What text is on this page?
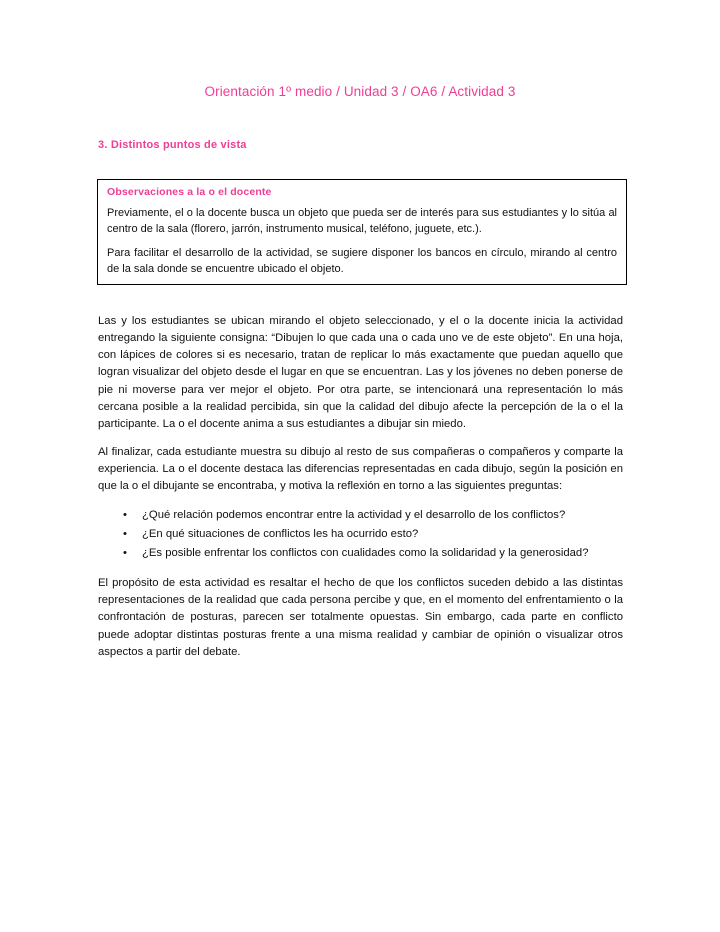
Orientación 1º medio / Unidad 3 / OA6 / Actividad 3
3. Distintos puntos de vista
Observaciones a la o el docente

Previamente, el o la docente busca un objeto que pueda ser de interés para sus estudiantes y lo sitúa al centro de la sala (florero, jarrón, instrumento musical, teléfono, juguete, etc.).

Para facilitar el desarrollo de la actividad, se sugiere disponer los bancos en círculo, mirando al centro de la sala donde se encuentre ubicado el objeto.

Las y los estudiantes se ubican mirando el objeto seleccionado, y el o la docente inicia la actividad entregando la siguiente consigna: “Dibujen lo que cada una o cada uno ve de este objeto”. En una hoja, con lápices de colores si es necesario, tratan de replicar lo más exactamente que puedan aquello que logran visualizar del objeto desde el lugar en que se encuentran. Las y los jóvenes no deben ponerse de pie ni moverse para ver mejor el objeto. Por otra parte, se intencionará una representación lo más cercana posible a la realidad percibida, sin que la calidad del dibujo afecte la percepción de la o el la participante. La o el docente anima a sus estudiantes a dibujar sin miedo.

Al finalizar, cada estudiante muestra su dibujo al resto de sus compañeras o compañeros y comparte la experiencia. La o el docente destaca las diferencias representadas en cada dibujo, según la posición en que la o el dibujante se encontraba, y motiva la reflexión en torno a las siguientes preguntas:

• ¿Qué relación podemos encontrar entre la actividad y el desarrollo de los conflictos?
• ¿En qué situaciones de conflictos les ha ocurrido esto?
• ¿Es posible enfrentar los conflictos con cualidades como la solidaridad y la generosidad?

El propósito de esta actividad es resaltar el hecho de que los conflictos suceden debido a las distintas representaciones de la realidad que cada persona percibe y que, en el momento del enfrentamiento o la confrontación de posturas, parecen ser totalmente opuestas. Sin embargo, cada parte en conflicto puede adoptar distintas posturas frente a una misma realidad y cambiar de opinión o visualizar otros aspectos a partir del debate.
